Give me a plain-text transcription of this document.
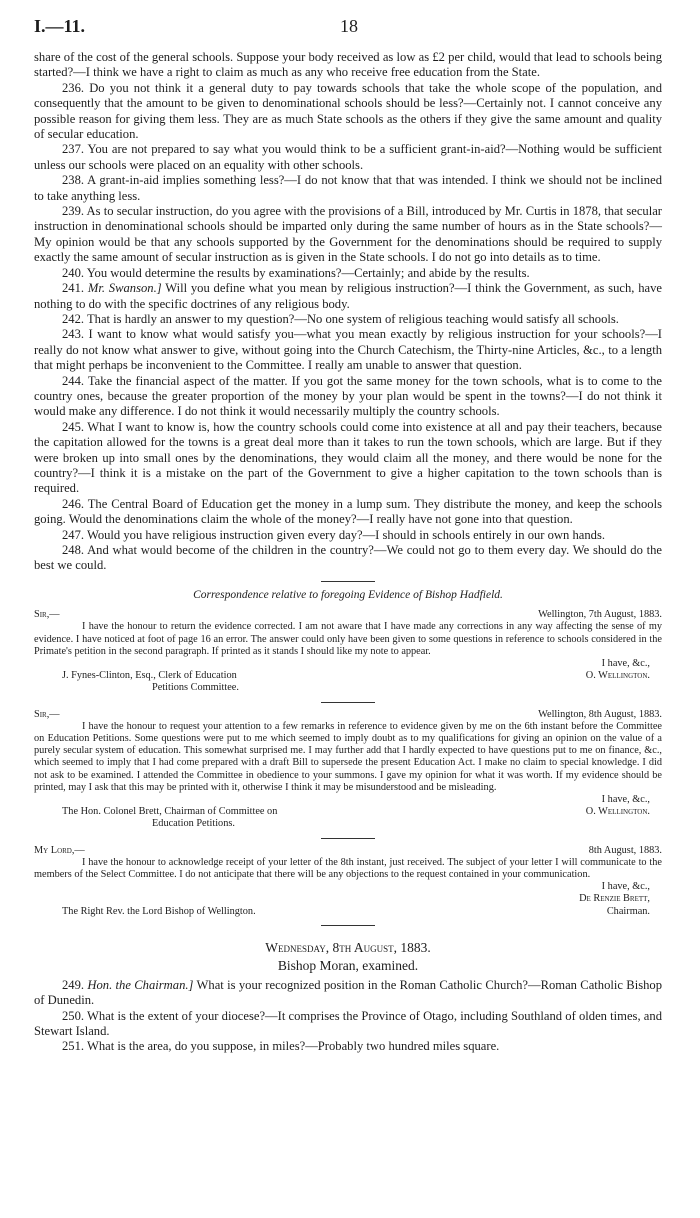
I.—11.	18

share of the cost of the general schools. Suppose your body received as low as £2 per child, would that lead to schools being started?—I think we have a right to claim as much as any who receive free education from the State.

236. Do you not think it a general duty to pay towards schools that take the whole scope of the population, and consequently that the amount to be given to denominational schools should be less?—Certainly not. I cannot conceive any possible reason for giving them less. They are as much State schools as the others if they give the same amount and quality of secular education.

237. You are not prepared to say what you would think to be a sufficient grant-in-aid?—Nothing would be sufficient unless our schools were placed on an equality with other schools.

238. A grant-in-aid implies something less?—I do not know that that was intended. I think we should not be inclined to take anything less.

239. As to secular instruction, do you agree with the provisions of a Bill, introduced by Mr. Curtis in 1878, that secular instruction in denominational schools should be imparted only during the same number of hours as in the State schools?—My opinion would be that any schools supported by the Government for the denominations should be required to supply exactly the same amount of secular instruction as is given in the State schools. I do not go into details as to time.

240. You would determine the results by examinations?—Certainly; and abide by the results.

241. Mr. Swanson.] Will you define what you mean by religious instruction?—I think the Government, as such, have nothing to do with the specific doctrines of any religious body.

242. That is hardly an answer to my question?—No one system of religious teaching would satisfy all schools.

243. I want to know what would satisfy you—what you mean exactly by religious instruction for your schools?—I really do not know what answer to give, without going into the Church Catechism, the Thirty-nine Articles, &c., to a length that might perhaps be inconvenient to the Committee. I really am unable to answer that question.

244. Take the financial aspect of the matter. If you got the same money for the town schools, what is to come to the country ones, because the greater proportion of the money by your plan would be spent in the towns?—I do not think it would make any difference. I do not think it would necessarily multiply the country schools.

245. What I want to know is, how the country schools could come into existence at all and pay their teachers, because the capitation allowed for the towns is a great deal more than it takes to run the town schools, which are large. But if they were broken up into small ones by the denominations, they would claim all the money, and there would be none for the country?—I think it is a mistake on the part of the Government to give a higher capitation to the town schools than is required.

246. The Central Board of Education get the money in a lump sum. They distribute the money, and keep the schools going. Would the denominations claim the whole of the money?—I really have not gone into that question.

247. Would you have religious instruction given every day?—I should in schools entirely in our own hands.

248. And what would become of the children in the country?—We could not go to them every day. We should do the best we could.

Correspondence relative to foregoing Evidence of Bishop Hadfield.
Sir,—	Wellington, 7th August, 1883.

I have the honour to return the evidence corrected. I am not aware that I have made any corrections in any way affecting the sense of my evidence. I have noticed at foot of page 16 an error. The answer could only have been given to some questions in reference to schools considered in the Primate's petition in the second paragraph. If printed as it stands I should like my note to appear.

I have, &c.,
J. Fynes-Clinton, Esq., Clerk of Education	O. Wellington.
Petitions Committee.
Sir,—	Wellington, 8th August, 1883.

I have the honour to request your attention to a few remarks in reference to evidence given by me on the 6th instant before the Committee on Education Petitions. Some questions were put to me which seemed to imply doubt as to my qualifications for giving an opinion on the value of a purely secular system of education. This somewhat surprised me. I may further add that I hardly expected to have questions put to me on finance, &c., which seemed to imply that I had come prepared with a draft Bill to supersede the present Education Act. I make no claim to special knowledge. I did not ask to be examined. I attended the Committee in obedience to your summons. I gave my opinion for what it was worth. If my evidence should be printed, may I ask that this may be printed with it, otherwise I think it may be misunderstood and be misleading.

I have, &c.,
The Hon. Colonel Brett, Chairman of Committee on	O. Wellington.
Education Petitions.
My Lord,—	8th August, 1883.

I have the honour to acknowledge receipt of your letter of the 8th instant, just received. The subject of your letter I will communicate to the members of the Select Committee. I do not anticipate that there will be any objections to the request contained in your communication.

I have, &c.,
De Renzie Brett,
The Right Rev. the Lord Bishop of Wellington.	Chairman.
Wednesday, 8th August, 1883.
Bishop Moran, examined.

249. Hon. the Chairman.] What is your recognized position in the Roman Catholic Church?—Roman Catholic Bishop of Dunedin.

250. What is the extent of your diocese?—It comprises the Province of Otago, including Southland of olden times, and Stewart Island.

251. What is the area, do you suppose, in miles?—Probably two hundred miles square.
